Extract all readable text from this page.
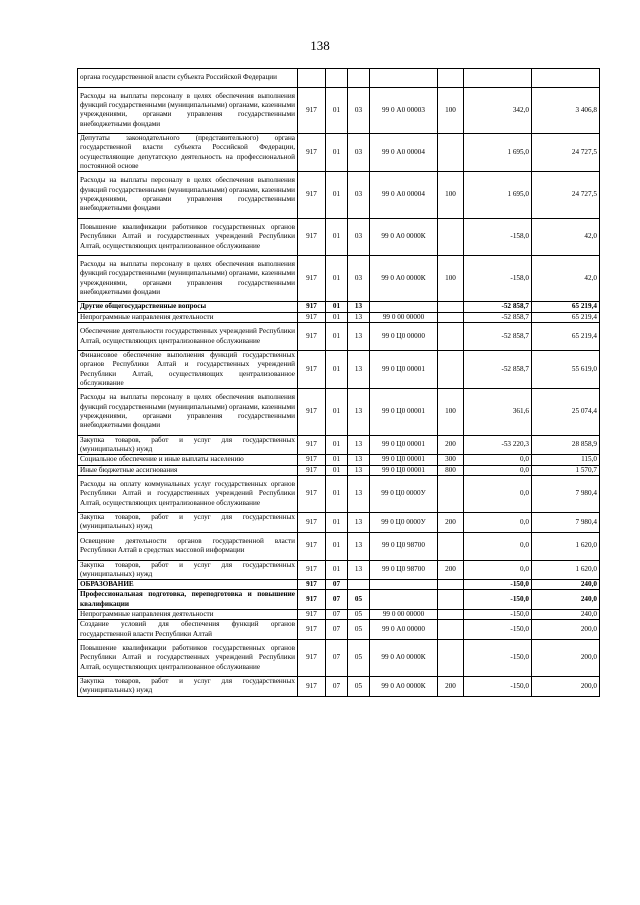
138
органа государственной власти субъекта Российской Федерации							
Расходы на выплаты персоналу в целях обеспечения выполнения функций государственными (муниципальными) органами, казенными учреждениями, органами управления государственными внебюджетными фондами	917	01	03	99 0 А0 00003	100	342,0	3 406,8
Депутаты законодательного (представительного) органа государственной власти субъекта Российской Федерации, осуществляющие депутатскую деятельность на профессиональной постоянной основе	917	01	03	99 0 А0 00004		1 695,0	24 727,5
Расходы на выплаты персоналу в целях обеспечения выполнения функций государственными (муниципальными) органами, казенными учреждениями, органами управления государственными внебюджетными фондами	917	01	03	99 0 А0 00004	100	1 695,0	24 727,5
Повышение квалификации работников государственных органов Республики Алтай и государственных учреждений Республики Алтай, осуществляющих централизованное обслуживание	917	01	03	99 0 А0 0000К		-158,0	42,0
Расходы на выплаты персоналу в целях обеспечения выполнения функций государственными (муниципальными) органами, казенными учреждениями, органами управления государственными внебюджетными фондами	917	01	03	99 0 А0 0000К	100	-158,0	42,0
Другие общегосударственные вопросы	917	01	13			-52 858,7	65 219,4
Непрограммные направления деятельности	917	01	13	99 0 00 00000		-52 858,7	65 219,4
Обеспечение деятельности государственных учреждений Республики Алтай, осуществляющих централизованное обслуживание	917	01	13	99 0 Ц0 00000		-52 858,7	65 219,4
Финансовое обеспечение выполнения функций государственных органов Республики Алтай и государственных учреждений Республики Алтай, осуществляющих централизованное обслуживание	917	01	13	99 0 Ц0 00001		-52 858,7	55 619,0
Расходы на выплаты персоналу в целях обеспечения выполнения функций государственными (муниципальными) органами, казенными учреждениями, органами управления государственными внебюджетными фондами	917	01	13	99 0 Ц0 00001	100	361,6	25 074,4
Закупка товаров, работ и услуг для государственных (муниципальных) нужд	917	01	13	99 0 Ц0 00001	200	-53 220,3	28 858,9
Социальное обеспечение и иные выплаты населению	917	01	13	99 0 Ц0 00001	300	0,0	115,0
Иные бюджетные ассигнования	917	01	13	99 0 Ц0 00001	800	0,0	1 570,7
Расходы на оплату коммунальных услуг государственных органов Республики Алтай и государственных учреждений Республики Алтай, осуществляющих централизованное обслуживание	917	01	13	99 0 Ц0 0000У		0,0	7 980,4
Закупка товаров, работ и услуг для государственных (муниципальных) нужд	917	01	13	99 0 Ц0 0000У	200	0,0	7 980,4
Освещение деятельности органов государственной власти Республики Алтай в средствах массовой информации	917	01	13	99 0 Ц0 98700		0,0	1 620,0
Закупка товаров, работ и услуг для государственных (муниципальных) нужд	917	01	13	99 0 Ц0 98700	200	0,0	1 620,0
ОБРАЗОВАНИЕ	917	07				-150,0	240,0
Профессиональная подготовка, переподготовка и повышение квалификации	917	07	05			-150,0	240,0
Непрограммные направления деятельности	917	07	05	99 0 00 00000		-150,0	240,0
Создание условий для обеспечения функций органов государственной власти Республики Алтай	917	07	05	99 0 А0 00000		-150,0	200,0
Повышение квалификации работников государственных органов Республики Алтай и государственных учреждений Республики Алтай, осуществляющих централизованное обслуживание	917	07	05	99 0 А0 0000К		-150,0	200,0
Закупка товаров, работ и услуг для государственных (муниципальных) нужд	917	07	05	99 0 А0 0000К	200	-150,0	200,0
